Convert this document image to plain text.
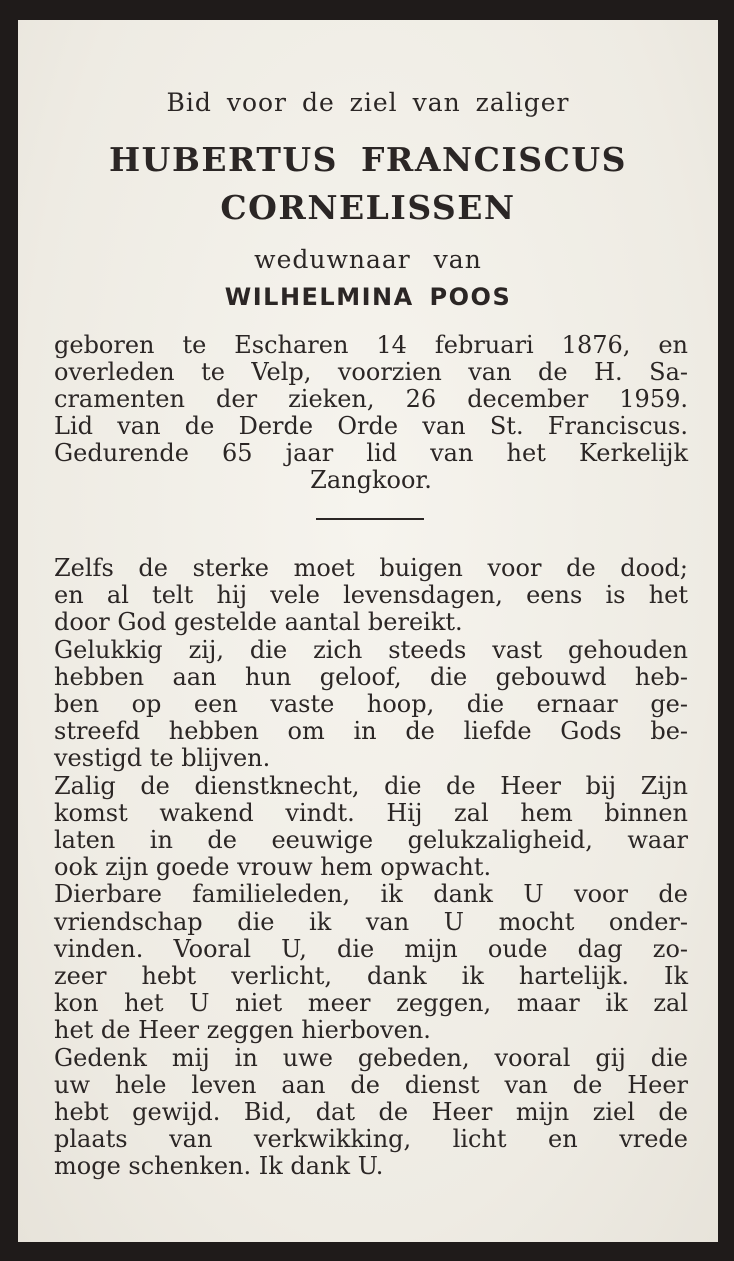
Bid voor de ziel van zaliger
HUBERTUS FRANCISCUS
CORNELISSEN
weduwnaar van
WILHELMINA POOS
geboren te Escharen 14 februari 1876, en
overleden te Velp, voorzien van de H. Sa-
cramenten der zieken, 26 december 1959.
Lid van de Derde Orde van St. Franciscus.
Gedurende 65 jaar lid van het Kerkelijk
Zangkoor.
Zelfs de sterke moet buigen voor de dood;
en al telt hij vele levensdagen, eens is het
door God gestelde aantal bereikt.
Gelukkig zij, die zich steeds vast gehouden
hebben aan hun geloof, die gebouwd heb-
ben op een vaste hoop, die ernaar ge-
streefd hebben om in de liefde Gods be-
vestigd te blijven.
Zalig de dienstknecht, die de Heer bij Zijn
komst wakend vindt. Hij zal hem binnen
laten in de eeuwige gelukzaligheid, waar
ook zijn goede vrouw hem opwacht.
Dierbare familieleden, ik dank U voor de
vriendschap die ik van U mocht onder-
vinden. Vooral U, die mijn oude dag zo-
zeer hebt verlicht, dank ik hartelijk. Ik
kon het U niet meer zeggen, maar ik zal
het de Heer zeggen hierboven.
Gedenk mij in uwe gebeden, vooral gij die
uw hele leven aan de dienst van de Heer
hebt gewijd. Bid, dat de Heer mijn ziel de
plaats van verkwikking, licht en vrede
moge schenken. Ik dank U.
